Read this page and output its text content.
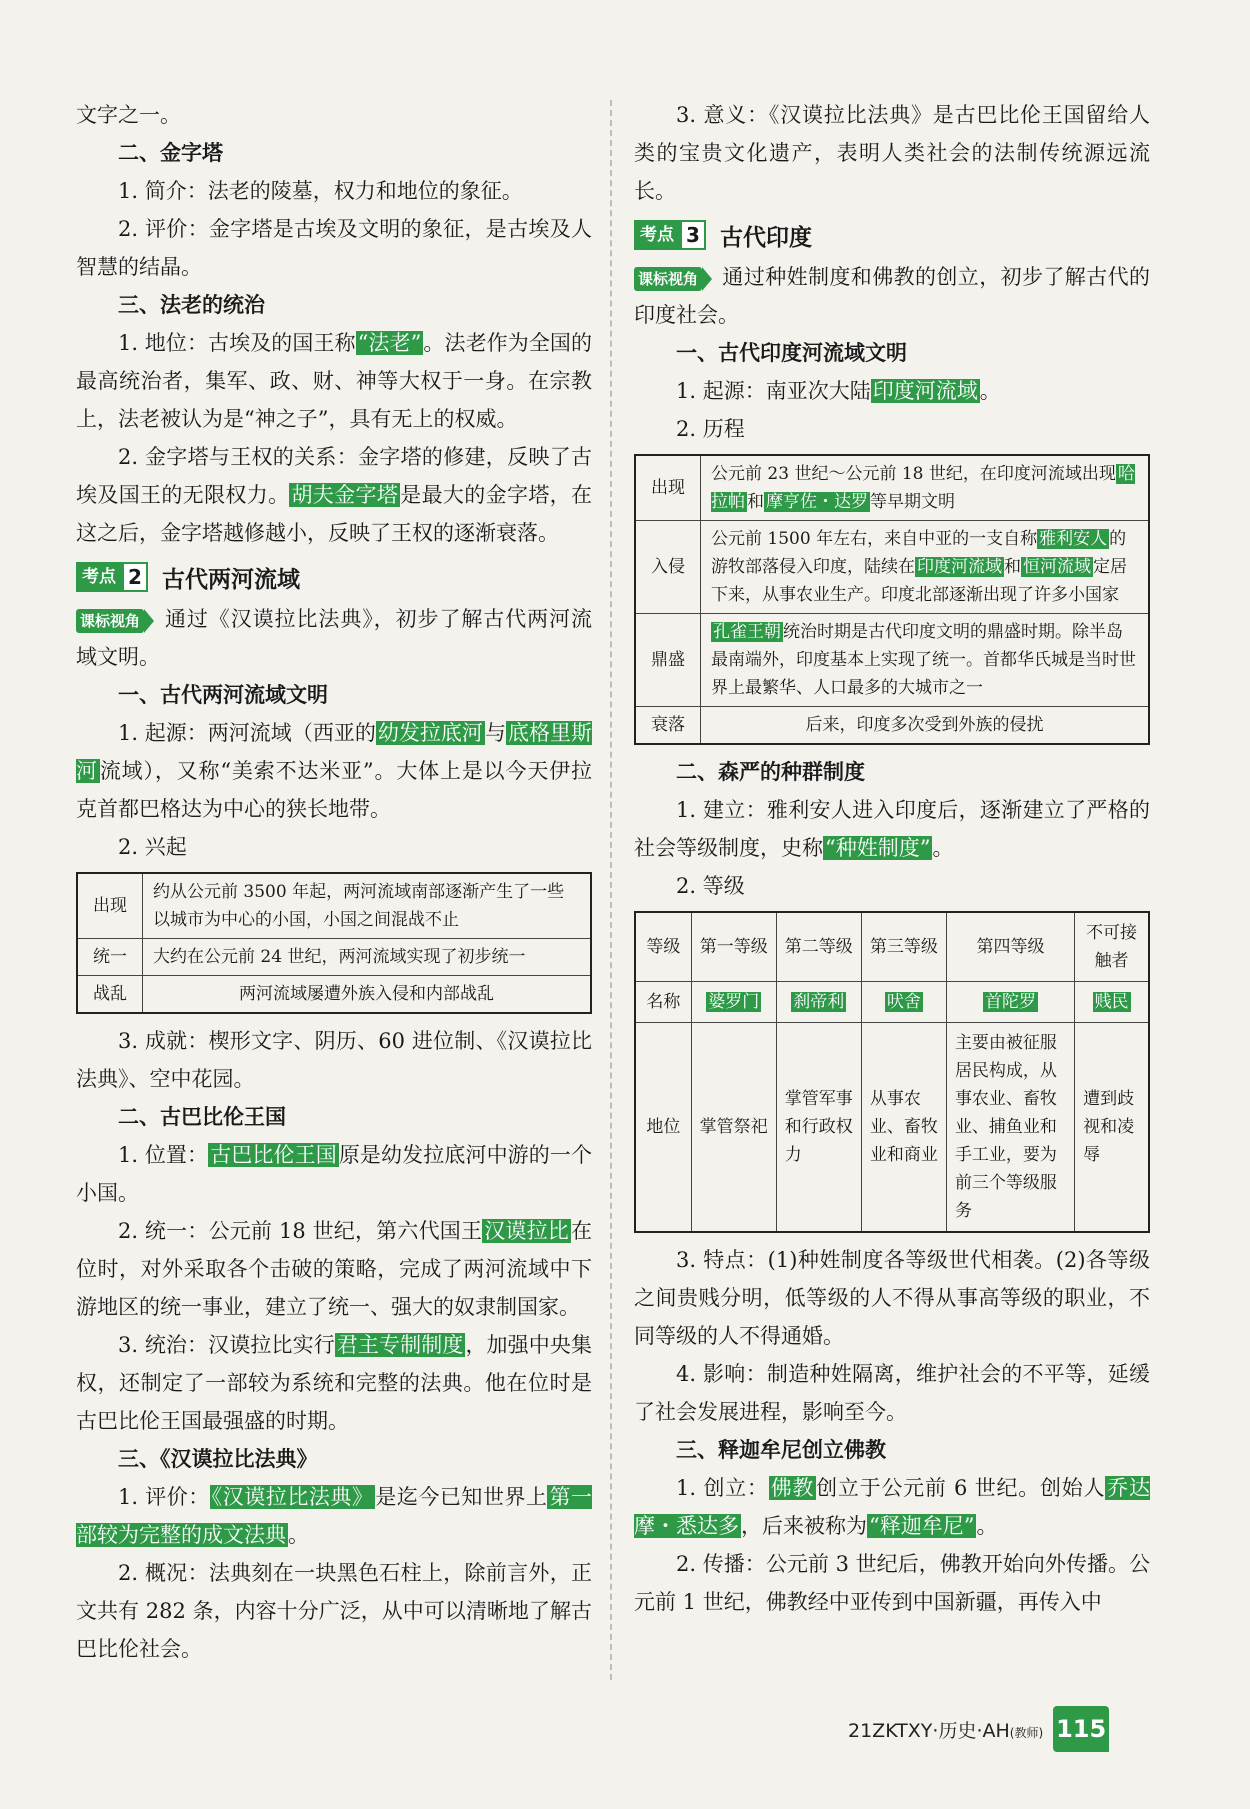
文字之一。

二、金字塔

1. 简介：法老的陵墓，权力和地位的象征。

2. 评价：金字塔是古埃及文明的象征，是古埃及人智慧的结晶。

三、法老的统治

1. 地位：古埃及的国王称“法老”。法老作为全国的最高统治者，集军、政、财、神等大权于一身。在宗教上，法老被认为是“神之子”，具有无上的权威。

2. 金字塔与王权的关系：金字塔的修建，反映了古埃及国王的无限权力。胡夫金字塔是最大的金字塔，在这之后，金字塔越修越小，反映了王权的逐渐衰落。

考点 2 古代两河流域

课标视角 通过《汉谟拉比法典》，初步了解古代两河流域文明。

一、古代两河流域文明

1. 起源：两河流域（西亚的幼发拉底河与底格里斯河流域），又称“美索不达米亚”。大体上是以今天伊拉克首都巴格达为中心的狭长地带。

2. 兴起

出现	约从公元前 3500 年起，两河流域南部逐渐产生了一些以城市为中心的小国，小国之间混战不止
统一	大约在公元前 24 世纪，两河流域实现了初步统一
战乱	两河流域屡遭外族入侵和内部战乱

3. 成就：楔形文字、阴历、60 进位制、《汉谟拉比法典》、空中花园。

二、古巴比伦王国

1. 位置：古巴比伦王国原是幼发拉底河中游的一个小国。

2. 统一：公元前 18 世纪，第六代国王汉谟拉比在位时，对外采取各个击破的策略，完成了两河流域中下游地区的统一事业，建立了统一、强大的奴隶制国家。

3. 统治：汉谟拉比实行君主专制制度，加强中央集权，还制定了一部较为系统和完整的法典。他在位时是古巴比伦王国最强盛的时期。

三、《汉谟拉比法典》

1. 评价：《汉谟拉比法典》是迄今已知世界上第一部较为完整的成文法典。

2. 概况：法典刻在一块黑色石柱上，除前言外，正文共有 282 条，内容十分广泛，从中可以清晰地了解古巴比伦社会。

3. 意义：《汉谟拉比法典》是古巴比伦王国留给人类的宝贵文化遗产，表明人类社会的法制传统源远流长。

考点 3 古代印度

课标视角 通过种姓制度和佛教的创立，初步了解古代的印度社会。

一、古代印度河流域文明

1. 起源：南亚次大陆印度河流域。

2. 历程

出现	公元前 23 世纪～公元前 18 世纪，在印度河流域出现 哈拉帕 和 摩亨佐・达罗 等早期文明
入侵	公元前 1500 年左右，来自中亚的一支自称 雅利安人 的游牧部落侵入印度，陆续在 印度河流域 和 恒河流域 定居下来，从事农业生产。印度北部逐渐出现了许多小国家
鼎盛	孔雀王朝 统治时期是古代印度文明的鼎盛时期。除半岛最南端外，印度基本上实现了统一。首都华氏城是当时世界上最繁华、人口最多的大城市之一
衰落	后来，印度多次受到外族的侵扰
二、森严的种群制度

1. 建立：雅利安人进入印度后，逐渐建立了严格的社会等级制度，史称“种姓制度”。

2. 等级

等级	第一等级	第二等级	第三等级	第四等级	不可接触者
名称	婆罗门	刹帝利	吠舍	首陀罗	贱民
地位	掌管祭祀	掌管军事和行政权力	从事农业、畜牧业和商业	主要由被征服居民构成，从事农业、畜牧业、捕鱼业和手工业，要为前三个等级服务	遭到歧视和凌辱

3. 特点：(1)种姓制度各等级世代相袭。(2)各等级之间贵贱分明，低等级的人不得从事高等级的职业，不同等级的人不得通婚。

4. 影响：制造种姓隔离，维护社会的不平等，延缓了社会发展进程，影响至今。

三、释迦牟尼创立佛教

1. 创立：佛教创立于公元前 6 世纪。创始人乔达摩・悉达多，后来被称为“释迦牟尼”。

2. 传播：公元前 3 世纪后，佛教开始向外传播。公元前 1 世纪，佛教经中亚传到中国新疆，再传入中

21ZKTXY·历史·AH(教师) 115
